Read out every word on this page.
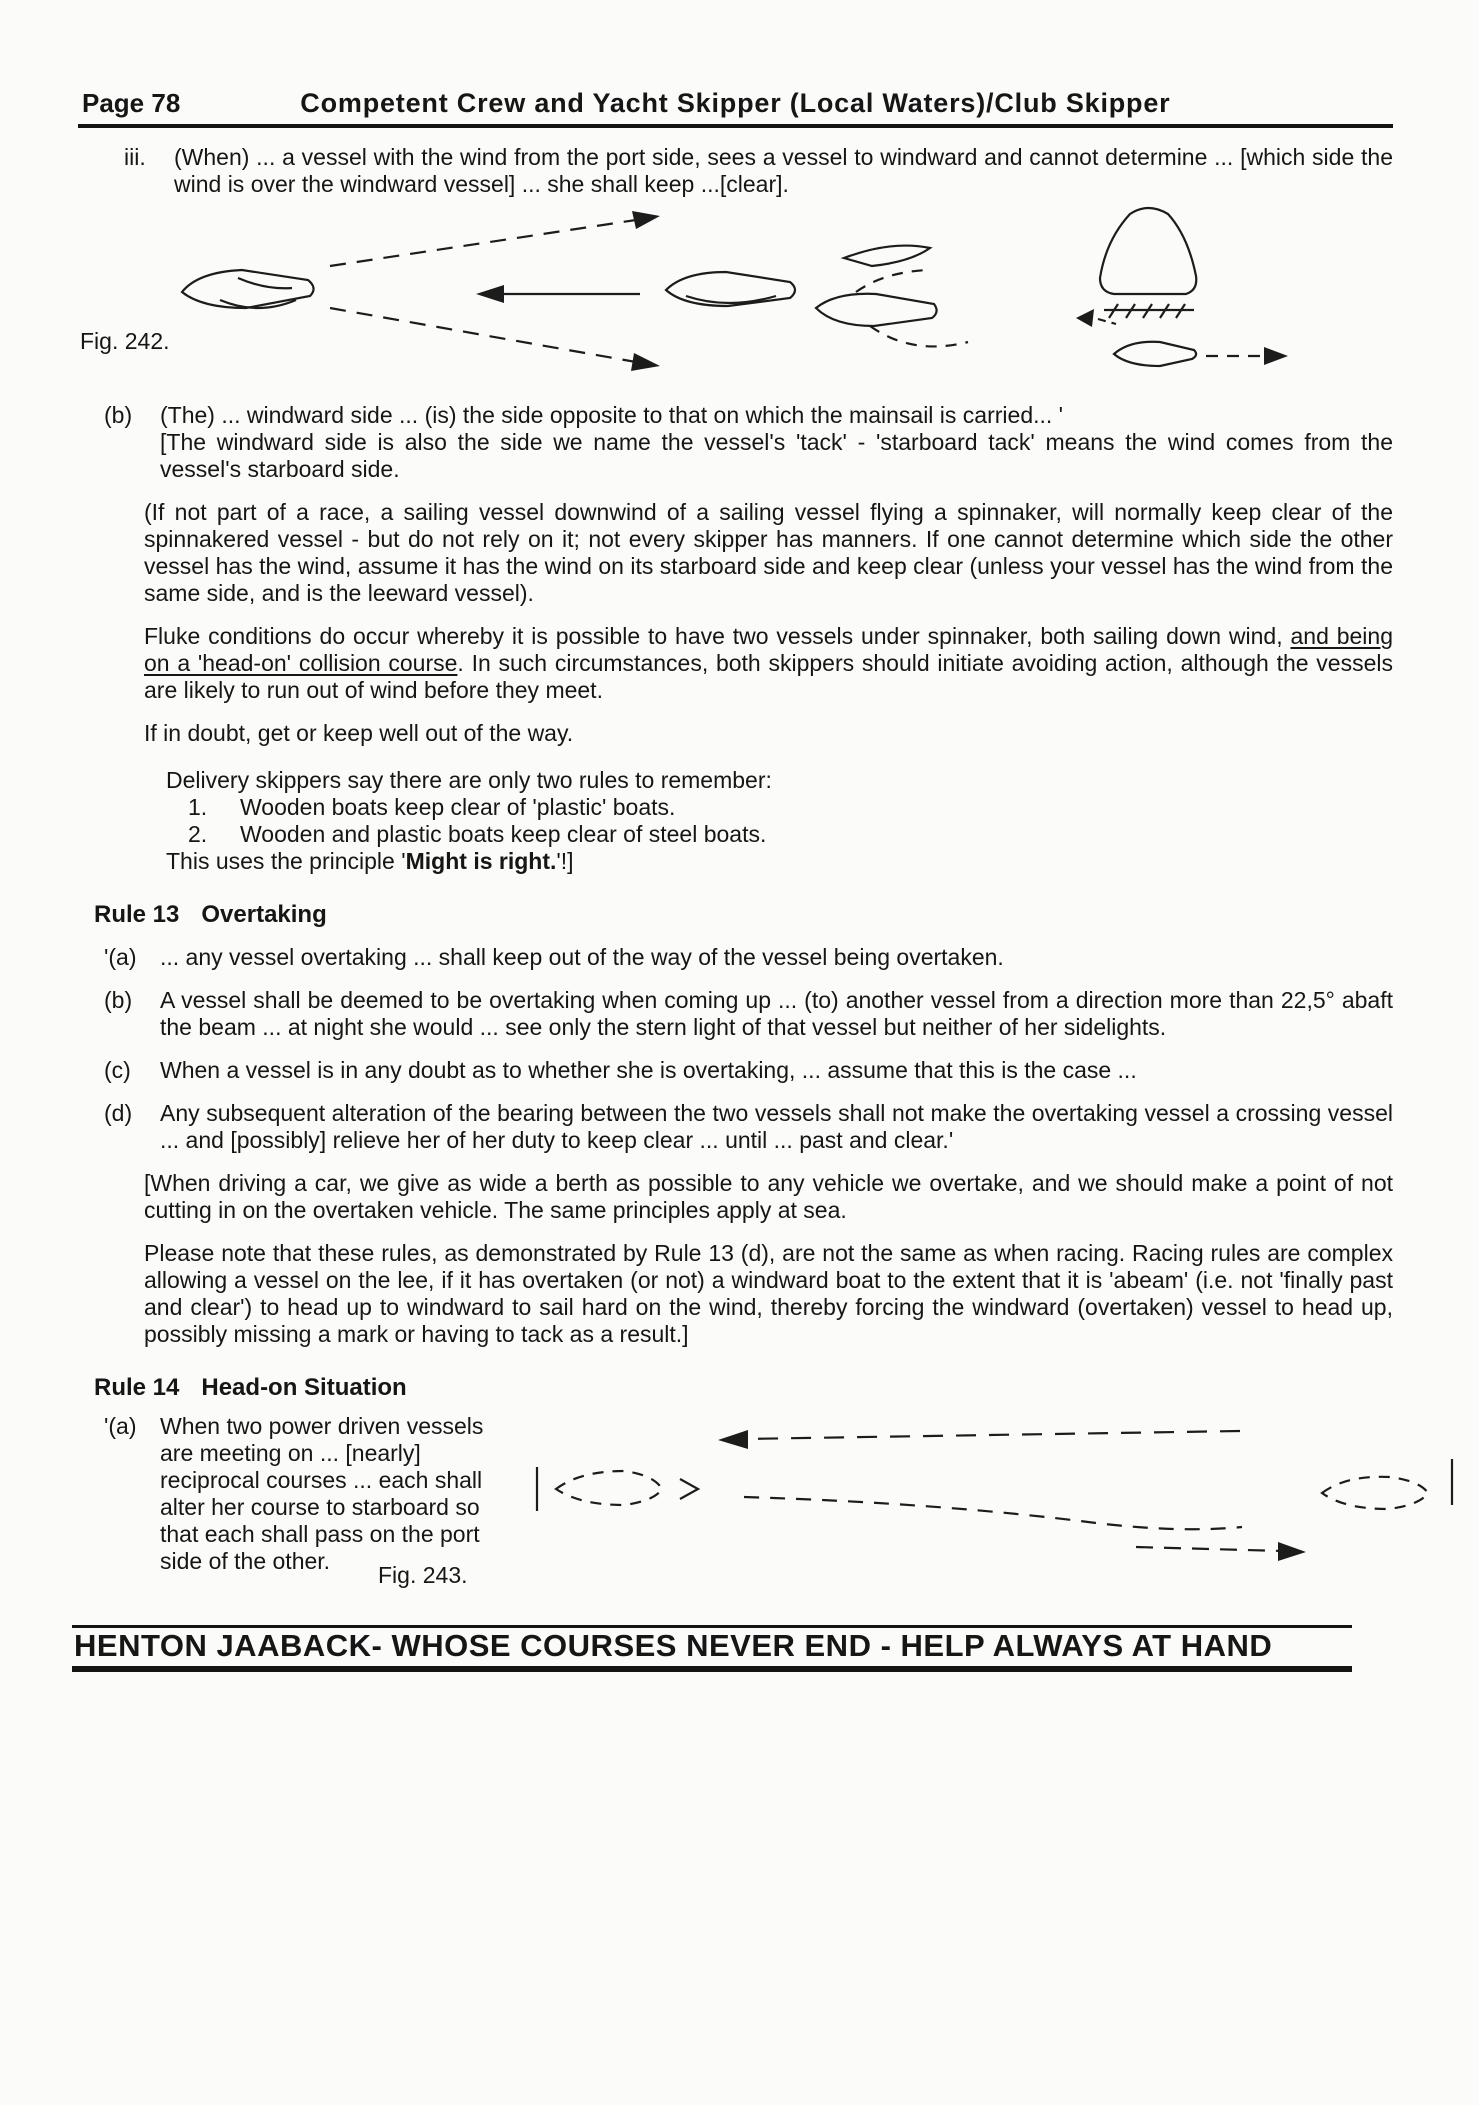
Page 78	Competent Crew and Yacht Skipper (Local Waters)/Club Skipper
iii.	(When) ... a vessel with the wind from the port side, sees a vessel to windward and cannot determine ... [which side the wind is over the windward vessel] ... she shall keep ...[clear].
Fig. 242.
(b)	(The) ... windward side ... (is) the side opposite to that on which the mainsail is carried... '
[The windward side is also the side we name the vessel's 'tack' - 'starboard tack' means the wind comes from the vessel's starboard side.

(If not part of a race, a sailing vessel downwind of a sailing vessel flying a spinnaker, will normally keep clear of the spinnakered vessel - but do not rely on it; not every skipper has manners. If one cannot determine which side the other vessel has the wind, assume it has the wind on its starboard side and keep clear (unless your vessel has the wind from the same side, and is the leeward vessel).

Fluke conditions do occur whereby it is possible to have two vessels under spinnaker, both sailing down wind, and being on a 'head-on' collision course. In such circumstances, both skippers should initiate avoiding action, although the vessels are likely to run out of wind before they meet.

If in doubt, get or keep well out of the way.

Delivery skippers say there are only two rules to remember:
1.	Wooden boats keep clear of 'plastic' boats.
2.	Wooden and plastic boats keep clear of steel boats.
This uses the principle 'Might is right.'!]
Rule 13 Overtaking
'(a)	... any vessel overtaking ... shall keep out of the way of the vessel being overtaken.
(b)	A vessel shall be deemed to be overtaking when coming up ... (to) another vessel from a direction more than 22,5° abaft the beam ... at night she would ... see only the stern light of that vessel but neither of her sidelights.
(c)	When a vessel is in any doubt as to whether she is overtaking, ... assume that this is the case ...
(d)	Any subsequent alteration of the bearing between the two vessels shall not make the overtaking vessel a crossing vessel ... and [possibly] relieve her of her duty to keep clear ... until ... past and clear.'

[When driving a car, we give as wide a berth as possible to any vehicle we overtake, and we should make a point of not cutting in on the overtaken vehicle. The same principles apply at sea.

Please note that these rules, as demonstrated by Rule 13 (d), are not the same as when racing. Racing rules are complex allowing a vessel on the lee, if it has overtaken (or not) a windward boat to the extent that it is 'abeam' (i.e. not 'finally past and clear') to head up to windward to sail hard on the wind, thereby forcing the windward (overtaken) vessel to head up, possibly missing a mark or having to tack as a result.]

Rule 14 Head-on Situation
'(a)	When two power driven vessels are meeting on ... [nearly] reciprocal courses ... each shall alter her course to starboard so that each shall pass on the port side of the other.
Fig. 243.
HENTON JAABACK- WHOSE COURSES NEVER END - HELP ALWAYS AT HAND
